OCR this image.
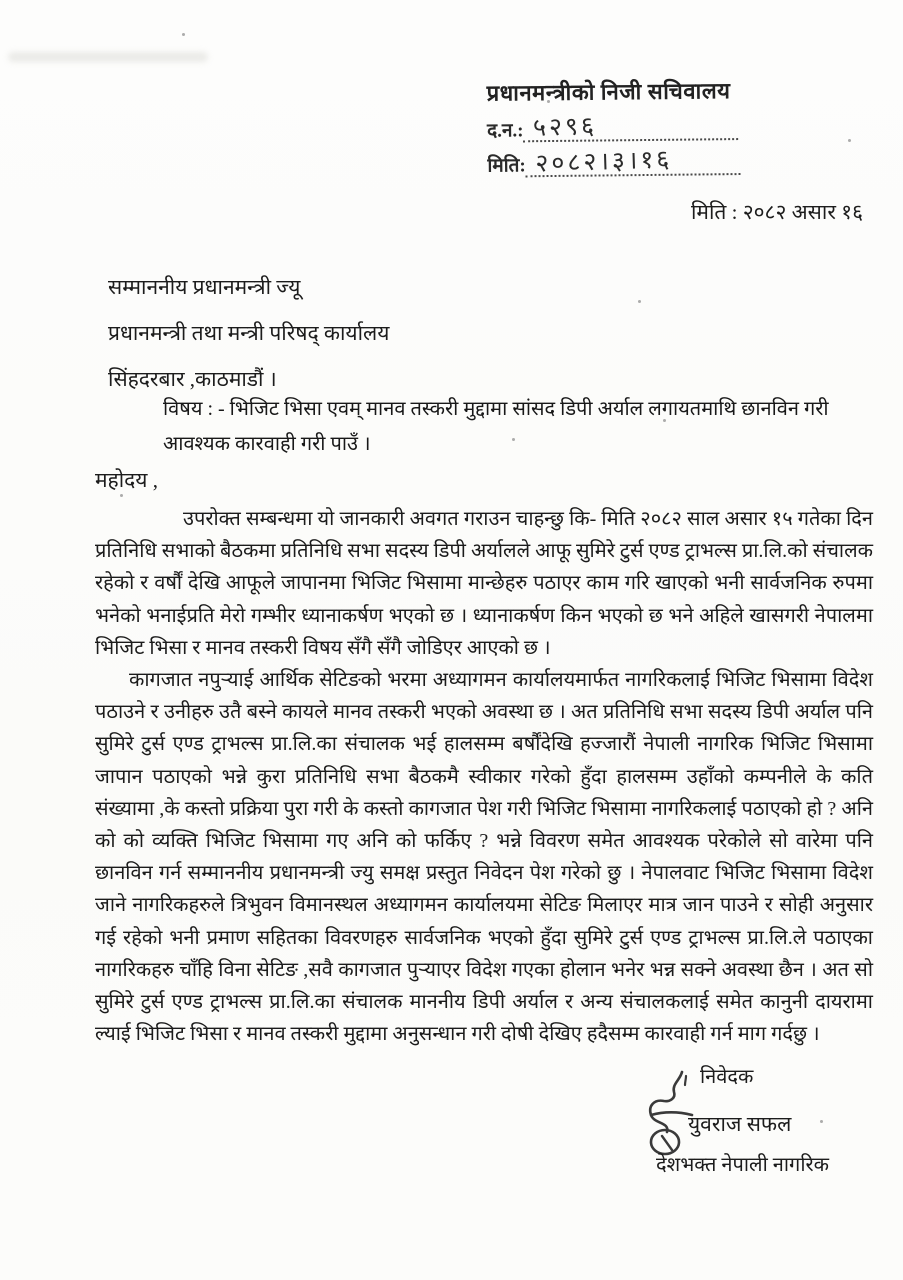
प्रधानमन्त्रीको निजी सचिवालय
द.न.: ५२९६
मिति: २०८२।३।१६
मिति : २०८२ असार १६
सम्माननीय प्रधानमन्त्री ज्यू
प्रधानमन्त्री तथा मन्त्री परिषद् कार्यालय
सिंहदरबार ,काठमाडौं ।
विषय : - भिजिट भिसा एवम् मानव तस्करी मुद्दामा सांसद डिपी अर्याल लगायतमाथि छानविन गरी आवश्यक कारवाही गरी पाउँ ।
महोदय ,
उपरोक्त सम्बन्धमा यो जानकारी अवगत गराउन चाहन्छु कि- मिति २०८२ साल असार १५ गतेका दिन प्रतिनिधि सभाको बैठकमा प्रतिनिधि सभा सदस्य डिपी अर्यालले आफू सुमिरे टुर्स एण्ड ट्राभल्स प्रा.लि.को संचालक रहेको र वर्षौं देखि आफूले जापानमा भिजिट भिसामा मान्छेहरु पठाएर काम गरि खाएको भनी सार्वजनिक रुपमा भनेको भनाईप्रति मेरो गम्भीर ध्यानाकर्षण भएको छ । ध्यानाकर्षण किन भएको छ भने अहिले खासगरी नेपालमा भिजिट भिसा र मानव तस्करी विषय सँगै सँगै जोडिएर आएको छ ।
कागजात नपुऱ्याई आर्थिक सेटिङको भरमा अध्यागमन कार्यालयमार्फत नागरिकलाई भिजिट भिसामा विदेश पठाउने र उनीहरु उतै बस्ने कायले मानव तस्करी भएको अवस्था छ । अत प्रतिनिधि सभा सदस्य डिपी अर्याल पनि सुमिरे टुर्स एण्ड ट्राभल्स प्रा.लि.का संचालक भई हालसम्म बर्षौंदेखि हज्जारौं नेपाली नागरिक भिजिट भिसामा जापान पठाएको भन्ने कुरा प्रतिनिधि सभा बैठकमै स्वीकार गरेको हुँदा हालसम्म उहाँको कम्पनीले के कति संख्यामा ,के कस्तो प्रक्रिया पुरा गरी के कस्तो कागजात पेश गरी भिजिट भिसामा नागरिकलाई पठाएको हो ? अनि को को व्यक्ति भिजिट भिसामा गए अनि को फर्किए ? भन्ने विवरण समेत आवश्यक परेकोले सो वारेमा पनि छानविन गर्न सम्माननीय प्रधानमन्त्री ज्यु समक्ष प्रस्तुत निवेदन पेश गरेको छु । नेपालवाट भिजिट भिसामा विदेश जाने नागरिकहरुले त्रिभुवन विमानस्थल अध्यागमन कार्यालयमा सेटिङ मिलाएर मात्र जान पाउने र सोही अनुसार गई रहेको भनी प्रमाण सहितका विवरणहरु सार्वजनिक भएको हुँदा सुमिरे टुर्स एण्ड ट्राभल्स प्रा.लि.ले पठाएका नागरिकहरु चाँहि विना सेटिङ ,सवै कागजात पुऱ्याएर विदेश गएका होलान भनेर भन्न सक्ने अवस्था छैन । अत सो सुमिरे टुर्स एण्ड ट्राभल्स प्रा.लि.का संचालक माननीय डिपी अर्याल र अन्य संचालकलाई समेत कानुनी दायरामा ल्याई भिजिट भिसा र मानव तस्करी मुद्दामा अनुसन्धान गरी दोषी देखिए हदैसम्म कारवाही गर्न माग गर्दछु ।
निवेदक
युवराज सफल
देशभक्त नेपाली नागरिक
